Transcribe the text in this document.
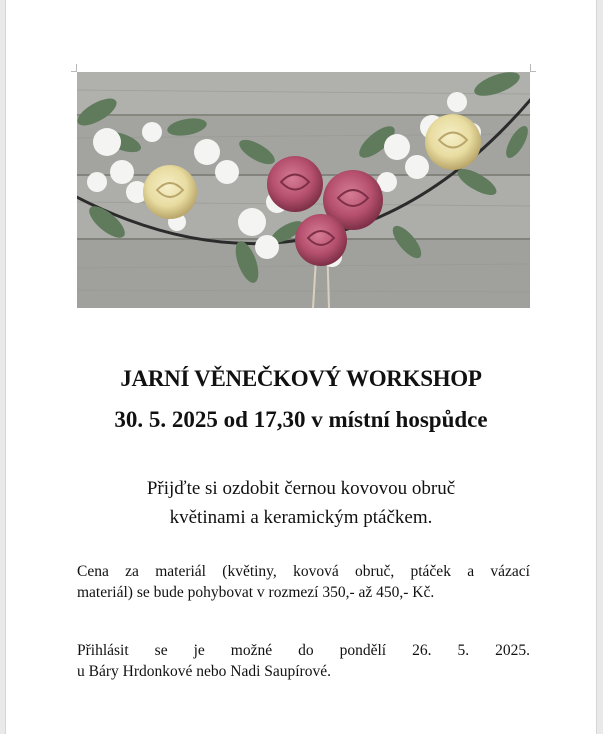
JARNÍ VĚNEČKOVÝ WORKSHOP
30. 5. 2025 od 17,30 v místní hospůdce
Přijďte si ozdobit černou kovovou obruč
květinami a keramickým ptáčkem.
Cena za materiál (květiny, kovová obruč, ptáček a vázací
materiál) se bude pohybovat v rozmezí 350,- až 450,- Kč.
Přihlásit se je možné do pondělí 26. 5. 2025.
u Báry Hrdonkové nebo Nadi Saupírové.
